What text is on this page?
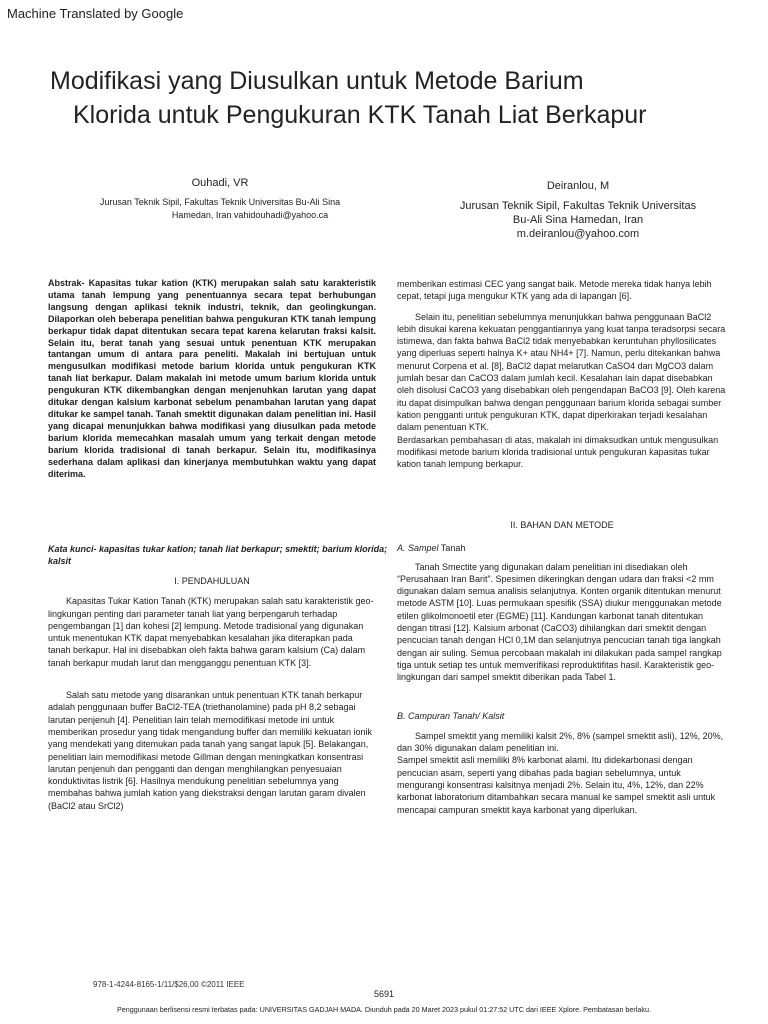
Machine Translated by Google
Modifikasi yang Diusulkan untuk Metode Barium
Klorida untuk Pengukuran KTK Tanah Liat Berkapur
Ouhadi, VR
Jurusan Teknik Sipil, Fakultas Teknik Universitas Bu-Ali Sina
Hamedan, Iran vahidouhadi@yahoo.ca
Deiranlou, M
Jurusan Teknik Sipil, Fakultas Teknik Universitas
Bu-Ali Sina Hamedan, Iran
m.deiranlou@yahoo.com
Abstrak- Kapasitas tukar kation (KTK) merupakan salah satu karakteristik utama tanah lempung yang penentuannya secara tepat berhubungan langsung dengan aplikasi teknik industri, teknik, dan geolingkungan. Dilaporkan oleh beberapa penelitian bahwa pengukuran KTK tanah lempung berkapur tidak dapat ditentukan secara tepat karena kelarutan fraksi kalsit. Selain itu, berat tanah yang sesuai untuk penentuan KTK merupakan tantangan umum di antara para peneliti. Makalah ini bertujuan untuk mengusulkan modifikasi metode barium klorida untuk pengukuran KTK tanah liat berkapur. Dalam makalah ini metode umum barium klorida untuk pengukuran KTK dikembangkan dengan menjenuhkan larutan yang dapat ditukar dengan kalsium karbonat sebelum penambahan larutan yang dapat ditukar ke sampel tanah. Tanah smektit digunakan dalam penelitian ini. Hasil yang dicapai menunjukkan bahwa modifikasi yang diusulkan pada metode barium klorida memecahkan masalah umum yang terkait dengan metode barium klorida tradisional di tanah berkapur. Selain itu, modifikasinya sederhana dalam aplikasi dan kinerjanya membutuhkan waktu yang dapat diterima.
Kata kunci- kapasitas tukar kation; tanah liat berkapur; smektit; barium klorida; kalsit
I. PENDAHULUAN

Kapasitas Tukar Kation Tanah (KTK) merupakan salah satu karakteristik geo-lingkungan penting dari parameter tanah liat yang berpengaruh terhadap pengembangan [1] dan kohesi [2] lempung. Metode tradisional yang digunakan untuk menentukan KTK dapat menyebabkan kesalahan jika diterapkan pada tanah berkapur. Hal ini disebabkan oleh fakta bahwa garam kalsium (Ca) dalam tanah berkapur mudah larut dan mengganggu penentuan KTK [3].

Salah satu metode yang disarankan untuk penentuan KTK tanah berkapur adalah penggunaan buffer BaCl2-TEA (triethanolamine) pada pH 8,2 sebagai larutan penjenuh [4]. Penelitian lain telah memodifikasi metode ini untuk memberikan prosedur yang tidak mengandung buffer dan memiliki kekuatan ionik yang mendekati yang ditemukan pada tanah yang sangat lapuk [5]. Belakangan, penelitian lain memodifikasi metode Gillman dengan meningkatkan konsentrasi larutan penjenuh dan pengganti dan dengan menghilangkan penyesuaian konduktivitas listrik [6]. Hasilnya mendukung penelitian sebelumnya yang membahas bahwa jumlah kation yang diekstraksi dengan larutan garam divalen (BaCl2 atau SrCl2)

memberikan estimasi CEC yang sangat baik. Metode mereka tidak hanya lebih cepat, tetapi juga mengukur KTK yang ada di lapangan [6].

Selain itu, penelitian sebelumnya menunjukkan bahwa penggunaan BaCl2 lebih disukai karena kekuatan penggantiannya yang kuat tanpa teradsorpsi secara istimewa, dan fakta bahwa BaCl2 tidak menyebabkan keruntuhan phyllosilicates yang diperluas seperti halnya K+ atau NH4+ [7]. Namun, perlu ditekankan bahwa menurut Corpena et al. [8], BaCl2 dapat melarutkan CaSO4 dan MgCO3 dalam jumlah besar dan CaCO3 dalam jumlah kecil. Kesalahan lain dapat disebabkan oleh disolusi CaCO3 yang disebabkan oleh pengendapan BaCO3 [9]. Oleh karena itu dapat disimpulkan bahwa dengan penggunaan barium klorida sebagai sumber kation pengganti untuk pengukuran KTK, dapat diperkirakan terjadi kesalahan dalam penentuan KTK.

Berdasarkan pembahasan di atas, makalah ini dimaksudkan untuk mengusulkan modifikasi metode barium klorida tradisional untuk pengukuran kapasitas tukar kation tanah lempung berkapur.

II. BAHAN DAN METODE
A. Sampel Tanah

Tanah Smectite yang digunakan dalam penelitian ini disediakan oleh “Perusahaan Iran Barit”. Spesimen dikeringkan dengan udara dan fraksi <2 mm digunakan dalam semua analisis selanjutnya. Konten organik ditentukan menurut metode ASTM [10]. Luas permukaan spesifik (SSA) diukur menggunakan metode etilen glikolmonoetil eter (EGME) [11]. Kandungan karbonat tanah ditentukan dengan titrasi [12]. Kalsium arbonat (CaCO3) dihilangkan dari smektit dengan pencucian tanah dengan HCl 0,1M dan selanjutnya pencucian tanah tiga langkah dengan air suling. Semua percobaan makalah ini dilakukan pada sampel rangkap tiga untuk setiap tes untuk memverifikasi reproduktifitas hasil. Karakteristik geo-lingkungan dari sampel smektit diberikan pada Tabel 1.

B. Campuran Tanah/ Kalsit

Sampel smektit yang memiliki kalsit 2%, 8% (sampel smektit asli), 12%, 20%, dan 30% digunakan dalam penelitian ini.

Sampel smektit asli memiliki 8% karbonat alami. Itu didekarbonasi dengan pencucian asam, seperti yang dibahas pada bagian sebelumnya, untuk mengurangi konsentrasi kalsitnya menjadi 2%. Selain itu, 4%, 12%, dan 22% karbonat laboratorium ditambahkan secara manual ke sampel smektit asli untuk mencapai campuran smektit kaya karbonat yang diperlukan.

978-1-4244-8165-1/11/$26,00 ©2011 IEEE
5691
Penggunaan berlisensi resmi terbatas pada: UNIVERSITAS GADJAH MADA. Diunduh pada 20 Maret 2023 pukul 01:27:52 UTC dari IEEE Xplore. Pembatasan berlaku.
